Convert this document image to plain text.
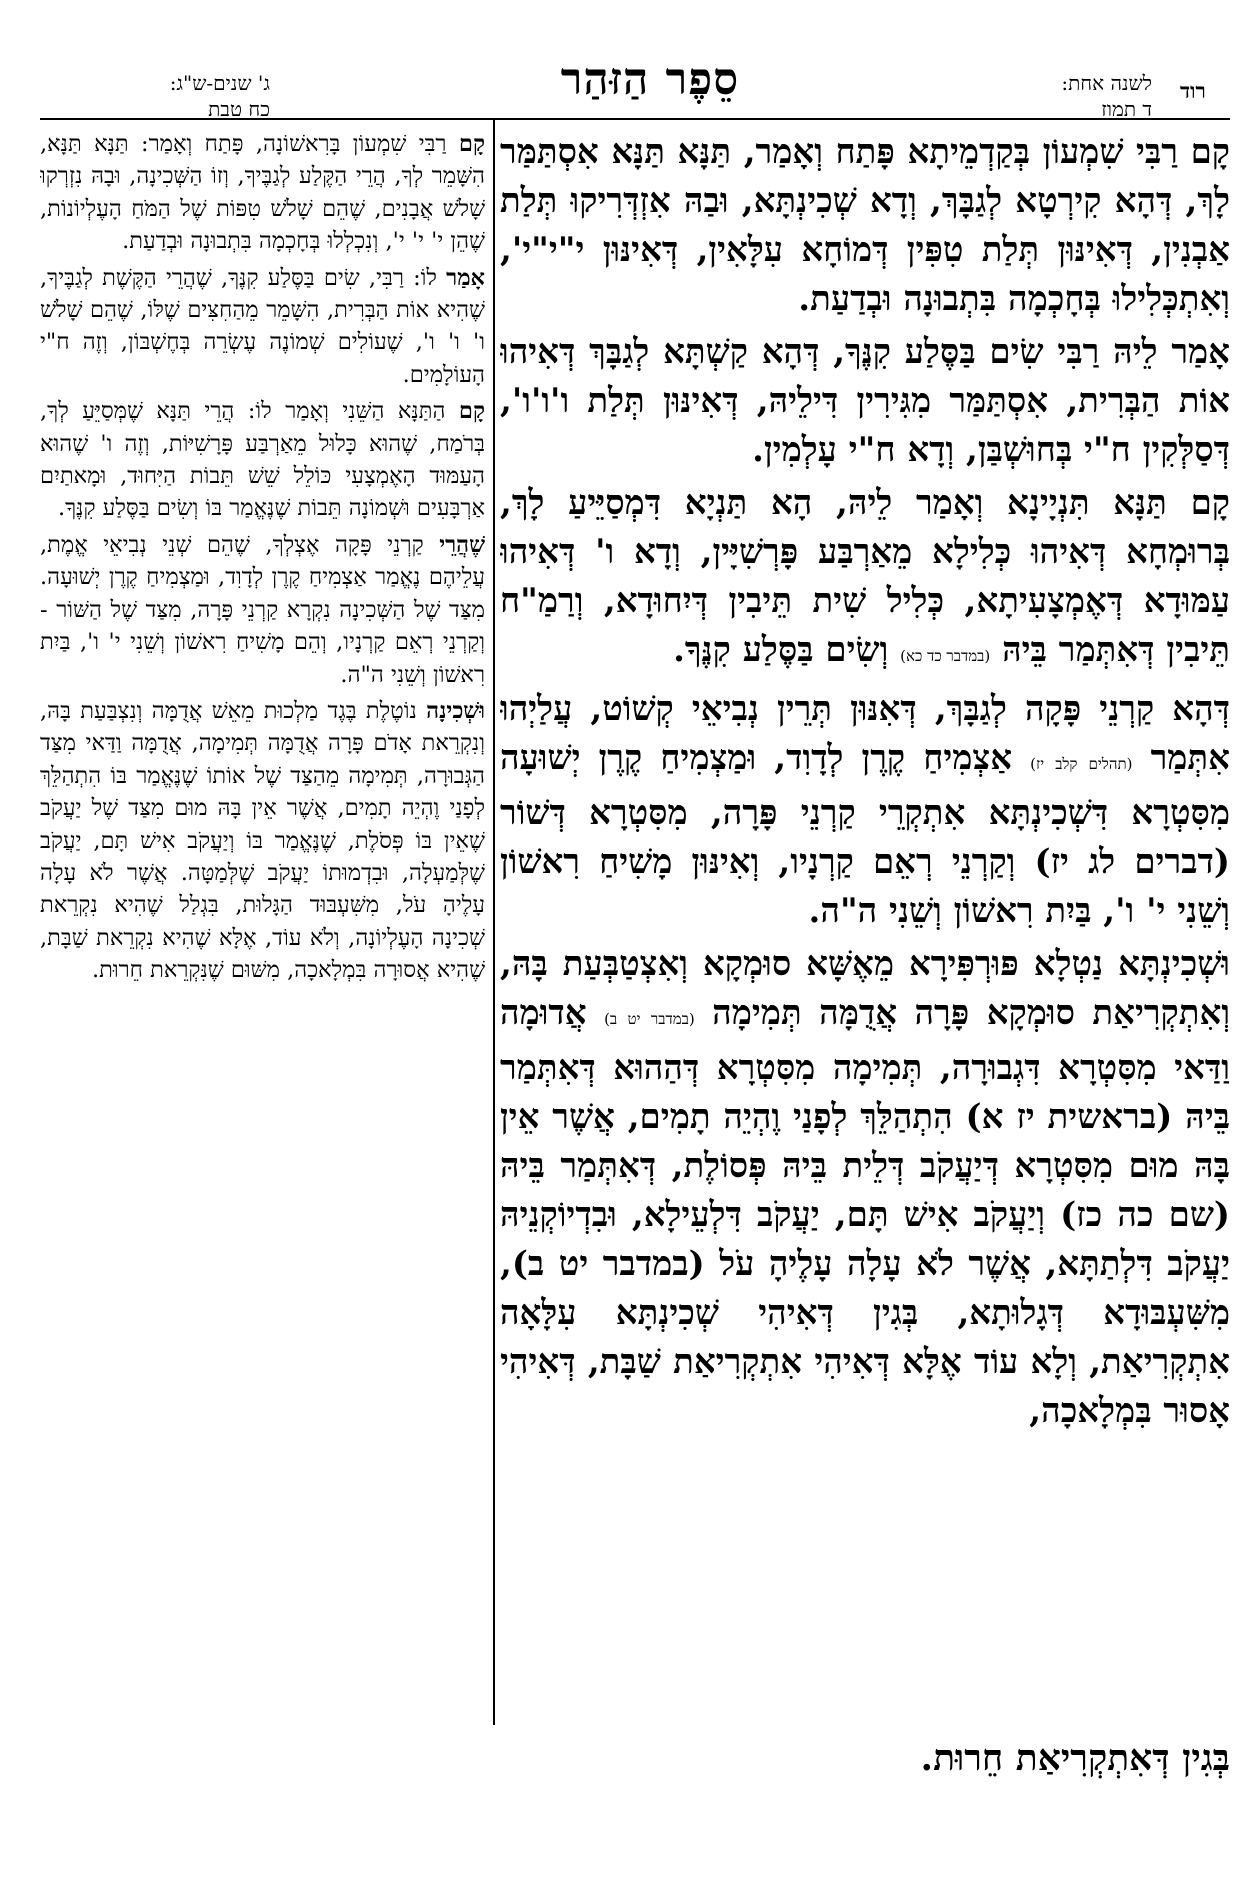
רוד
לשנה אחת:
ד תמוז
סֵפֶר הַזּהַר
ג' שנים-ש"ג:
כח טבת

קָם רַבִּי שִׁמְעוֹן בְּקַדְמֵיתָא פָּתַח וְאָמַר, תַּנָּא תַּנָּא אִסְתַּמַּר לָךְ, דְּהָא קִירְטָא לְגַבָּךְ, וְדָא שְׁכִינְתָּא, וּבַהּ אִזְדְּרִיקוּ תְּלַת אַבְנִין, דְּאִינּוּן תְּלַת טִפִּין דְּמוֹחָא עִלָּאִין, דְּאִינּוּן י"י"י', וְאִתְכְּלִילוּ בְּחָכְמָה בִּתְבוּנָה וּבְדַעַת.

אָמַר לֵיהּ רַבִּי שִׂים בַּסֶּלַע קִנֶּךָ, דְּהָא קַשְׁתָּא לְגַבָּךְ דְּאִיהוּ אוֹת הַבְּרִית, אִסְתַּמַּר מִגִּירִין דִּילֵיהּ, דְּאִינּוּן תְּלַת ו'ו'ו', דְּסַלְּקִין ח"י בְּחוּשְׁבַּן, וְדָא ח"י עָלְמִין.

קָם תַּנָּא תִּנְיָינָא וְאָמַר לֵיהּ, הָא תַּנְיָא דִּמְסַיֵּיעַ לָךְ, בְּרוּמְחָא דְּאִיהוּ כְּלִילָא מֵאַרְבַּע פָּרְשִׁיָּין, וְדָא ו' דְּאִיהוּ עַמּוּדָא דְּאֶמְצָעִיתָא, כְּלִיל שִׁית תֵּיבִין דְּיִחוּדָא, וְרַמַ"ח תֵּיבִין דְּאִתְּמַר בֵּיהּ (במדבר כד כא) וְשִׂים בַּסֶּלַע קִנֶּךָ.

דְּהָא קַרְנֵי פָּקָה לְגַבָּךְ, דְּאִנּוּן תְּרֵין נְבִיאֵי קְשׁוֹט, עֲלַיְהוּ אִתְּמַר (תהלים קלב יז) אַצְמִיחַ קֶרֶן לְדָוִד, וּמַצְמִיחַ קֶרֶן יְשׁוּעָה מִסִּטְרָא דִּשְׁכִינְתָּא אִתְקְרֵי קַרְנֵי פָּרָה, מִסִּטְרָא דְּשׁוֹר (דברים לג יז) וְקַרְנֵי רְאֵם קַרְנָיו, וְאִינּוּן מָשִׁיחַ רִאשׁוֹן וְשֵׁנִי י' ו', בַּיִת רִאשׁוֹן וְשֵׁנִי ה"ה.

וּשְׁכִינְתָּא נַטְלָא פּוּרְפִּירָא מֵאֶשָּׁא סוּמְקָא וְאִצְטַבְּעַת בָּהּ, וְאִתְקְרִיאַת סוּמְקָא פָּרָה אֲדֻמָּה תְּמִימָה (במדבר יט ב) אֲדוּמָה וַדַּאי מִסִּטְרָא דִּגְבוּרָה, תְּמִימָה מִסִּטְרָא דְּהַהוּא דְּאִתְּמַר בֵּיהּ (בראשית יז א) הִתְהַלֵּךְ לְפָנַי וֶהְיֵה תָמִים, אֲשֶׁר אֵין בָּהּ מוּם מִסִּטְרָא דְּיַעֲקֹב דְּלֵית בֵּיהּ פְּסוֹלֶת, דְּאִתְּמַר בֵּיהּ (שם כה כז) וְיַעֲקֹב אִישׁ תָּם, יַעֲקֹב דִּלְעֵילָא, וּבִדְיוֹקְנֵיהּ יַעֲקֹב דִּלְתַתָּא, אֲשֶׁר לֹא עָלָה עָלֶיהָ עֹל (במדבר יט ב), מִשִּׁעְבּוּדָא דְּגָלוּתָא, בְּגִין דְּאִיהִי שְׁכִינְתָּא עִלָּאָה אִתְקְרִיאַת, וְלָא עוֹד אֶלָּא דְּאִיהִי אִתְקְרִיאַת שַׁבָּת, דְּאִיהִי אָסוּר בִּמְלָאכָה,

קָם רַבִּי שִׁמְעוֹן בָּרִאשׁוֹנָה, פָּתַח וְאָמַר: תַּנָּא תַּנָּא, הִשָּׁמֵר לְךָ, הֲרֵי הַקֶּלַע לְגַבֶּיךָ, וְזוֹ הַשְּׁכִינָה, וּבָהּ נִזְרְקוּ שָׁלֹשׁ אֲבָנִים, שֶׁהֵם שָׁלֹשׁ טִפּוֹת שֶׁל הַמֹּחַ הָעֶלְיוֹנוֹת, שֶׁהֵן י' י' י', וְנִכְלְלוּ בְּחָכְמָה בִּתְבוּנָה וּבְדַעַת.

אָמַר לוֹ: רַבִּי, שִׂים בַּסֶּלַע קִנֶּךָ, שֶׁהֲרֵי הַקֶּשֶׁת לְגַבֶּיךָ, שֶׁהִיא אוֹת הַבְּרִית, הִשָּׁמֵר מֵהַחִצִּים שֶׁלּוֹ, שֶׁהֵם שָׁלֹשׁ ו' ו' ו', שֶׁעוֹלִים שְׁמוֹנֶה עֶשְׂרֵה בְּחֶשְׁבּוֹן, וְזֶה ח"י הָעוֹלָמִים.

קָם הַתַּנָּא הַשֵּׁנִי וְאָמַר לוֹ: הֲרֵי תַּנָּא שֶׁמְּסַיֵּעַ לְךָ, בְּרֹמַח, שֶׁהוּא כָּלוּל מֵאַרְבַּע פָּרָשִׁיּוֹת, וְזֶה ו' שֶׁהוּא הָעַמּוּד הָאֶמְצָעִי כּוֹלֵל שֵׁשׁ תֵּבוֹת הַיִּחוּד, וּמָאתַיִם אַרְבָּעִים וּשְׁמוֹנָה תֵּבוֹת שֶׁנֶּאֱמַר בּוֹ וְשִׂים בַּסֶּלַע קִנֶּךָ.

שֶׁהֲרֵי קַרְנֵי פָּקָה אֶצְלְךָ, שֶׁהֵם שְׁנֵי נְבִיאֵי אֱמֶת, עֲלֵיהֶם נֶאֱמַר אַצְמִיחַ קֶרֶן לְדָוִד, וּמַצְמִיחַ קֶרֶן יְשׁוּעָה. מִצַּד שֶׁל הַשְּׁכִינָה נִקְרָא קַרְנֵי פָּרָה, מִצַּד שֶׁל הַשּׁוֹר - וְקַרְנֵי רְאֵם קַרְנָיו, וְהֵם מָשִׁיחַ רִאשׁוֹן וְשֵׁנִי י' ו', בַּיִת רִאשׁוֹן וְשֵׁנִי ה"ה.

וּשְׁכִינָה נוֹטֶלֶת בֶּגֶד מַלְכוּת מֵאֵשׁ אֲדֻמָּה וְנִצְבַּעַת בָּהּ, וְנִקְרֵאת אָדֹם פָּרָה אֲדֻמָּה תְּמִימָה, אֲדֻמָּה וַדַּאי מִצַּד הַגְּבוּרָה, תְּמִימָה מֵהַצַּד שֶׁל אוֹתוֹ שֶׁנֶּאֱמַר בּוֹ הִתְהַלֵּךְ לְפָנַי וֶהְיֵה תָמִים, אֲשֶׁר אֵין בָּהּ מוּם מִצַּד שֶׁל יַעֲקֹב שֶׁאֵין בּוֹ פְּסֹלֶת, שֶׁנֶּאֱמַר בּוֹ וְיַעֲקֹב אִישׁ תָּם, יַעֲקֹב שֶׁלְּמַעְלָה, וּבִדְמוּתוֹ יַעֲקֹב שֶׁלְּמַטָּה. אֲשֶׁר לֹא עָלָה עָלֶיהָ עֹל, מִשִּׁעְבּוּד הַגָּלוּת, בִּגְלַל שֶׁהִיא נִקְרֵאת שְׁכִינָה הָעֶלְיוֹנָה, וְלֹא עוֹד, אֶלָּא שֶׁהִיא נִקְרֵאת שַׁבָּת, שֶׁהִיא אֲסוּרָה בִּמְלָאכָה, מִשּׁוּם שֶׁנִּקְרֵאת חֵרוּת.

בְּגִין דְּאִתְקְרִיאַת חֵרוּת.
